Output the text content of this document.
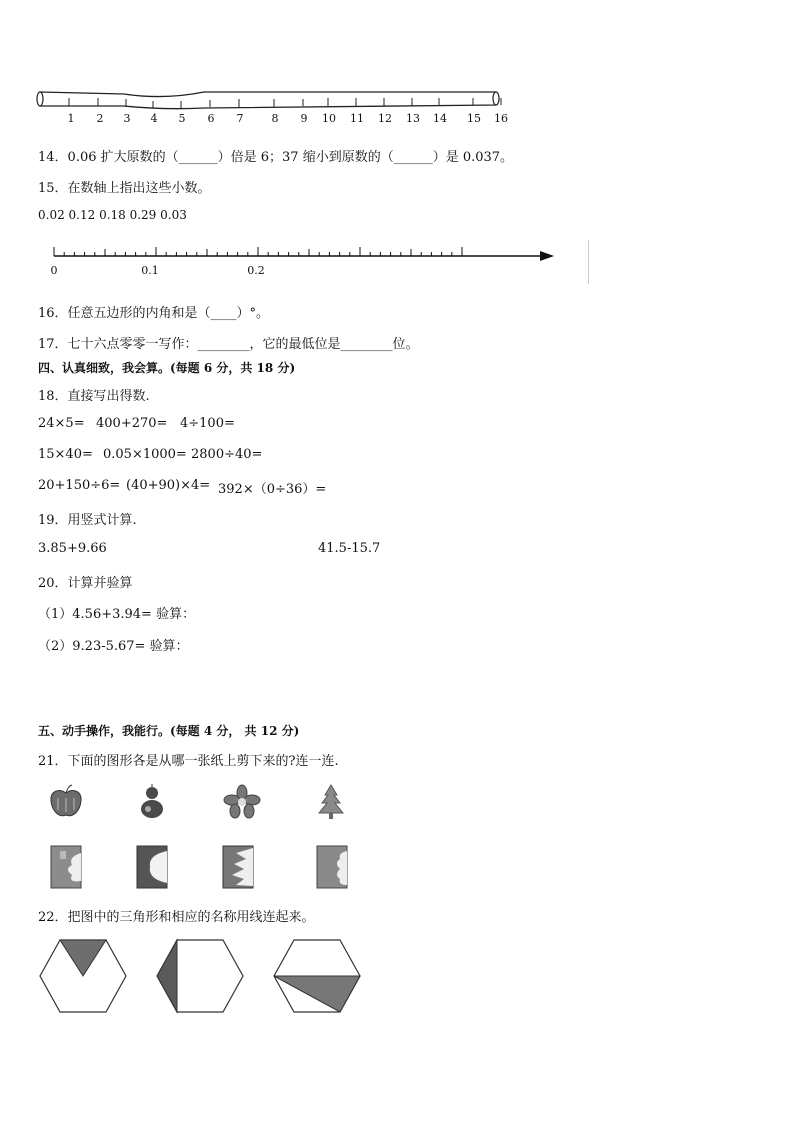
1 2 3 4 5 6 7	8 9 10 11 12 13 14 15 16
14．0.06 扩大原数的（______）倍是 6；37 缩小到原数的（______）是 0.037。
15．在数轴上指出这些小数。
0.02 0.12 0.18 0.29 0.03
0	0.1	0.2
16．任意五边形的内角和是（____）°。
17．七十六点零零一写作：________，它的最低位是________位。
四、认真细致，我会算。(每题 6 分，共 18 分)
18．直接写出得数.
24×5= 400+270= 4÷100=
15×40= 0.05×1000= 2800÷40=
20+150÷6= (40+90)×4= 392×（0÷36）=
19．用竖式计算.
3.85+9.66	41.5-15.7
20．计算并验算
（1）4.56+3.94= 验算：
（2）9.23-5.67= 验算：
五、动手操作，我能行。(每题 4 分， 共 12 分)
21．下面的图形各是从哪一张纸上剪下来的?连一连.
22．把图中的三角形和相应的名称用线连起来。
